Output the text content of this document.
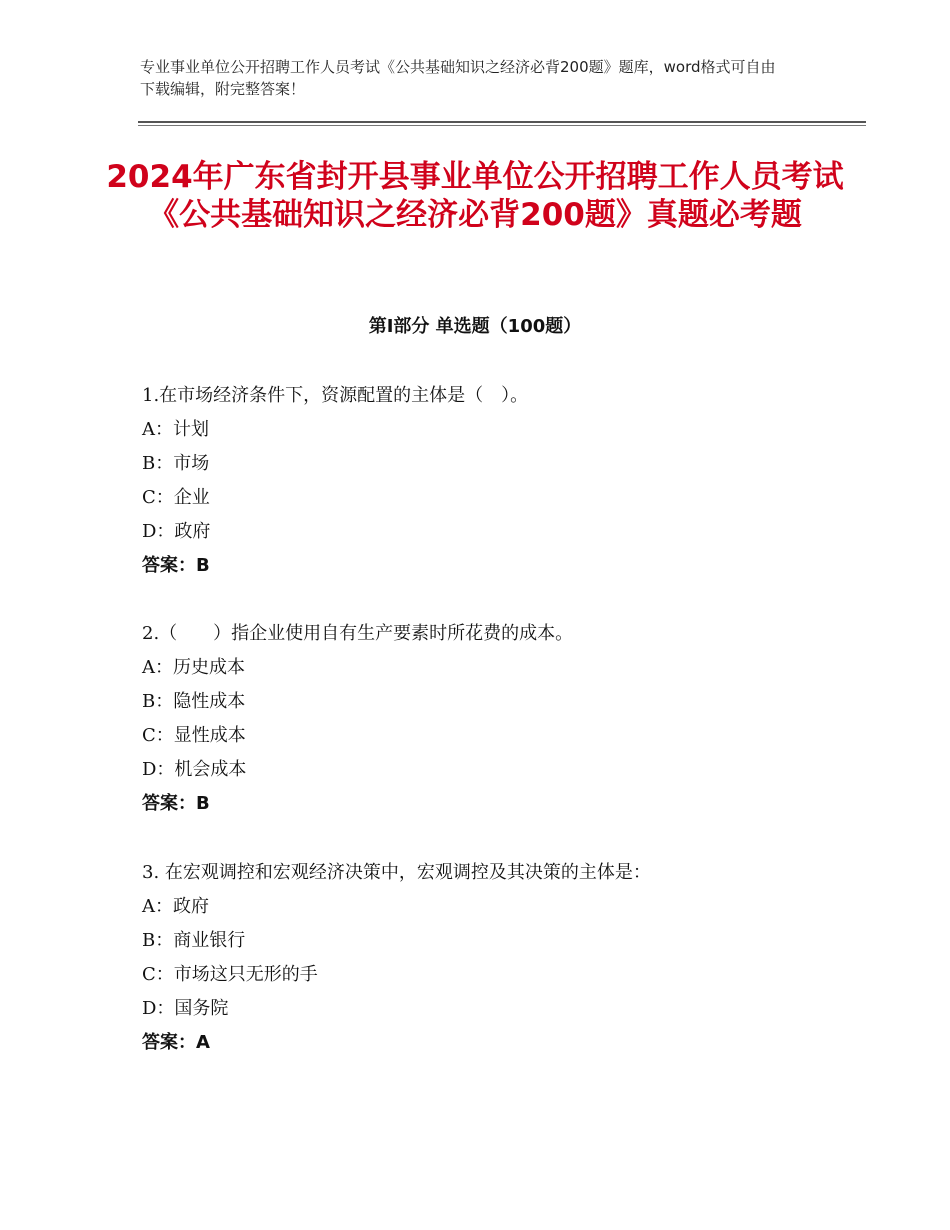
专业事业单位公开招聘工作人员考试《公共基础知识之经济必背200题》题库，word格式可自由下载编辑，附完整答案！
2024年广东省封开县事业单位公开招聘工作人员考试《公共基础知识之经济必背200题》真题必考题
第Ⅰ部分 单选题（100题）
1.在市场经济条件下，资源配置的主体是（　）。
A：计划
B：市场
C：企业
D：政府
答案：B
2.（　　）指企业使用自有生产要素时所花费的成本。
A：历史成本
B：隐性成本
C：显性成本
D：机会成本
答案：B
3. 在宏观调控和宏观经济决策中，宏观调控及其决策的主体是：
A：政府
B：商业银行
C：市场这只无形的手
D：国务院
答案：A
